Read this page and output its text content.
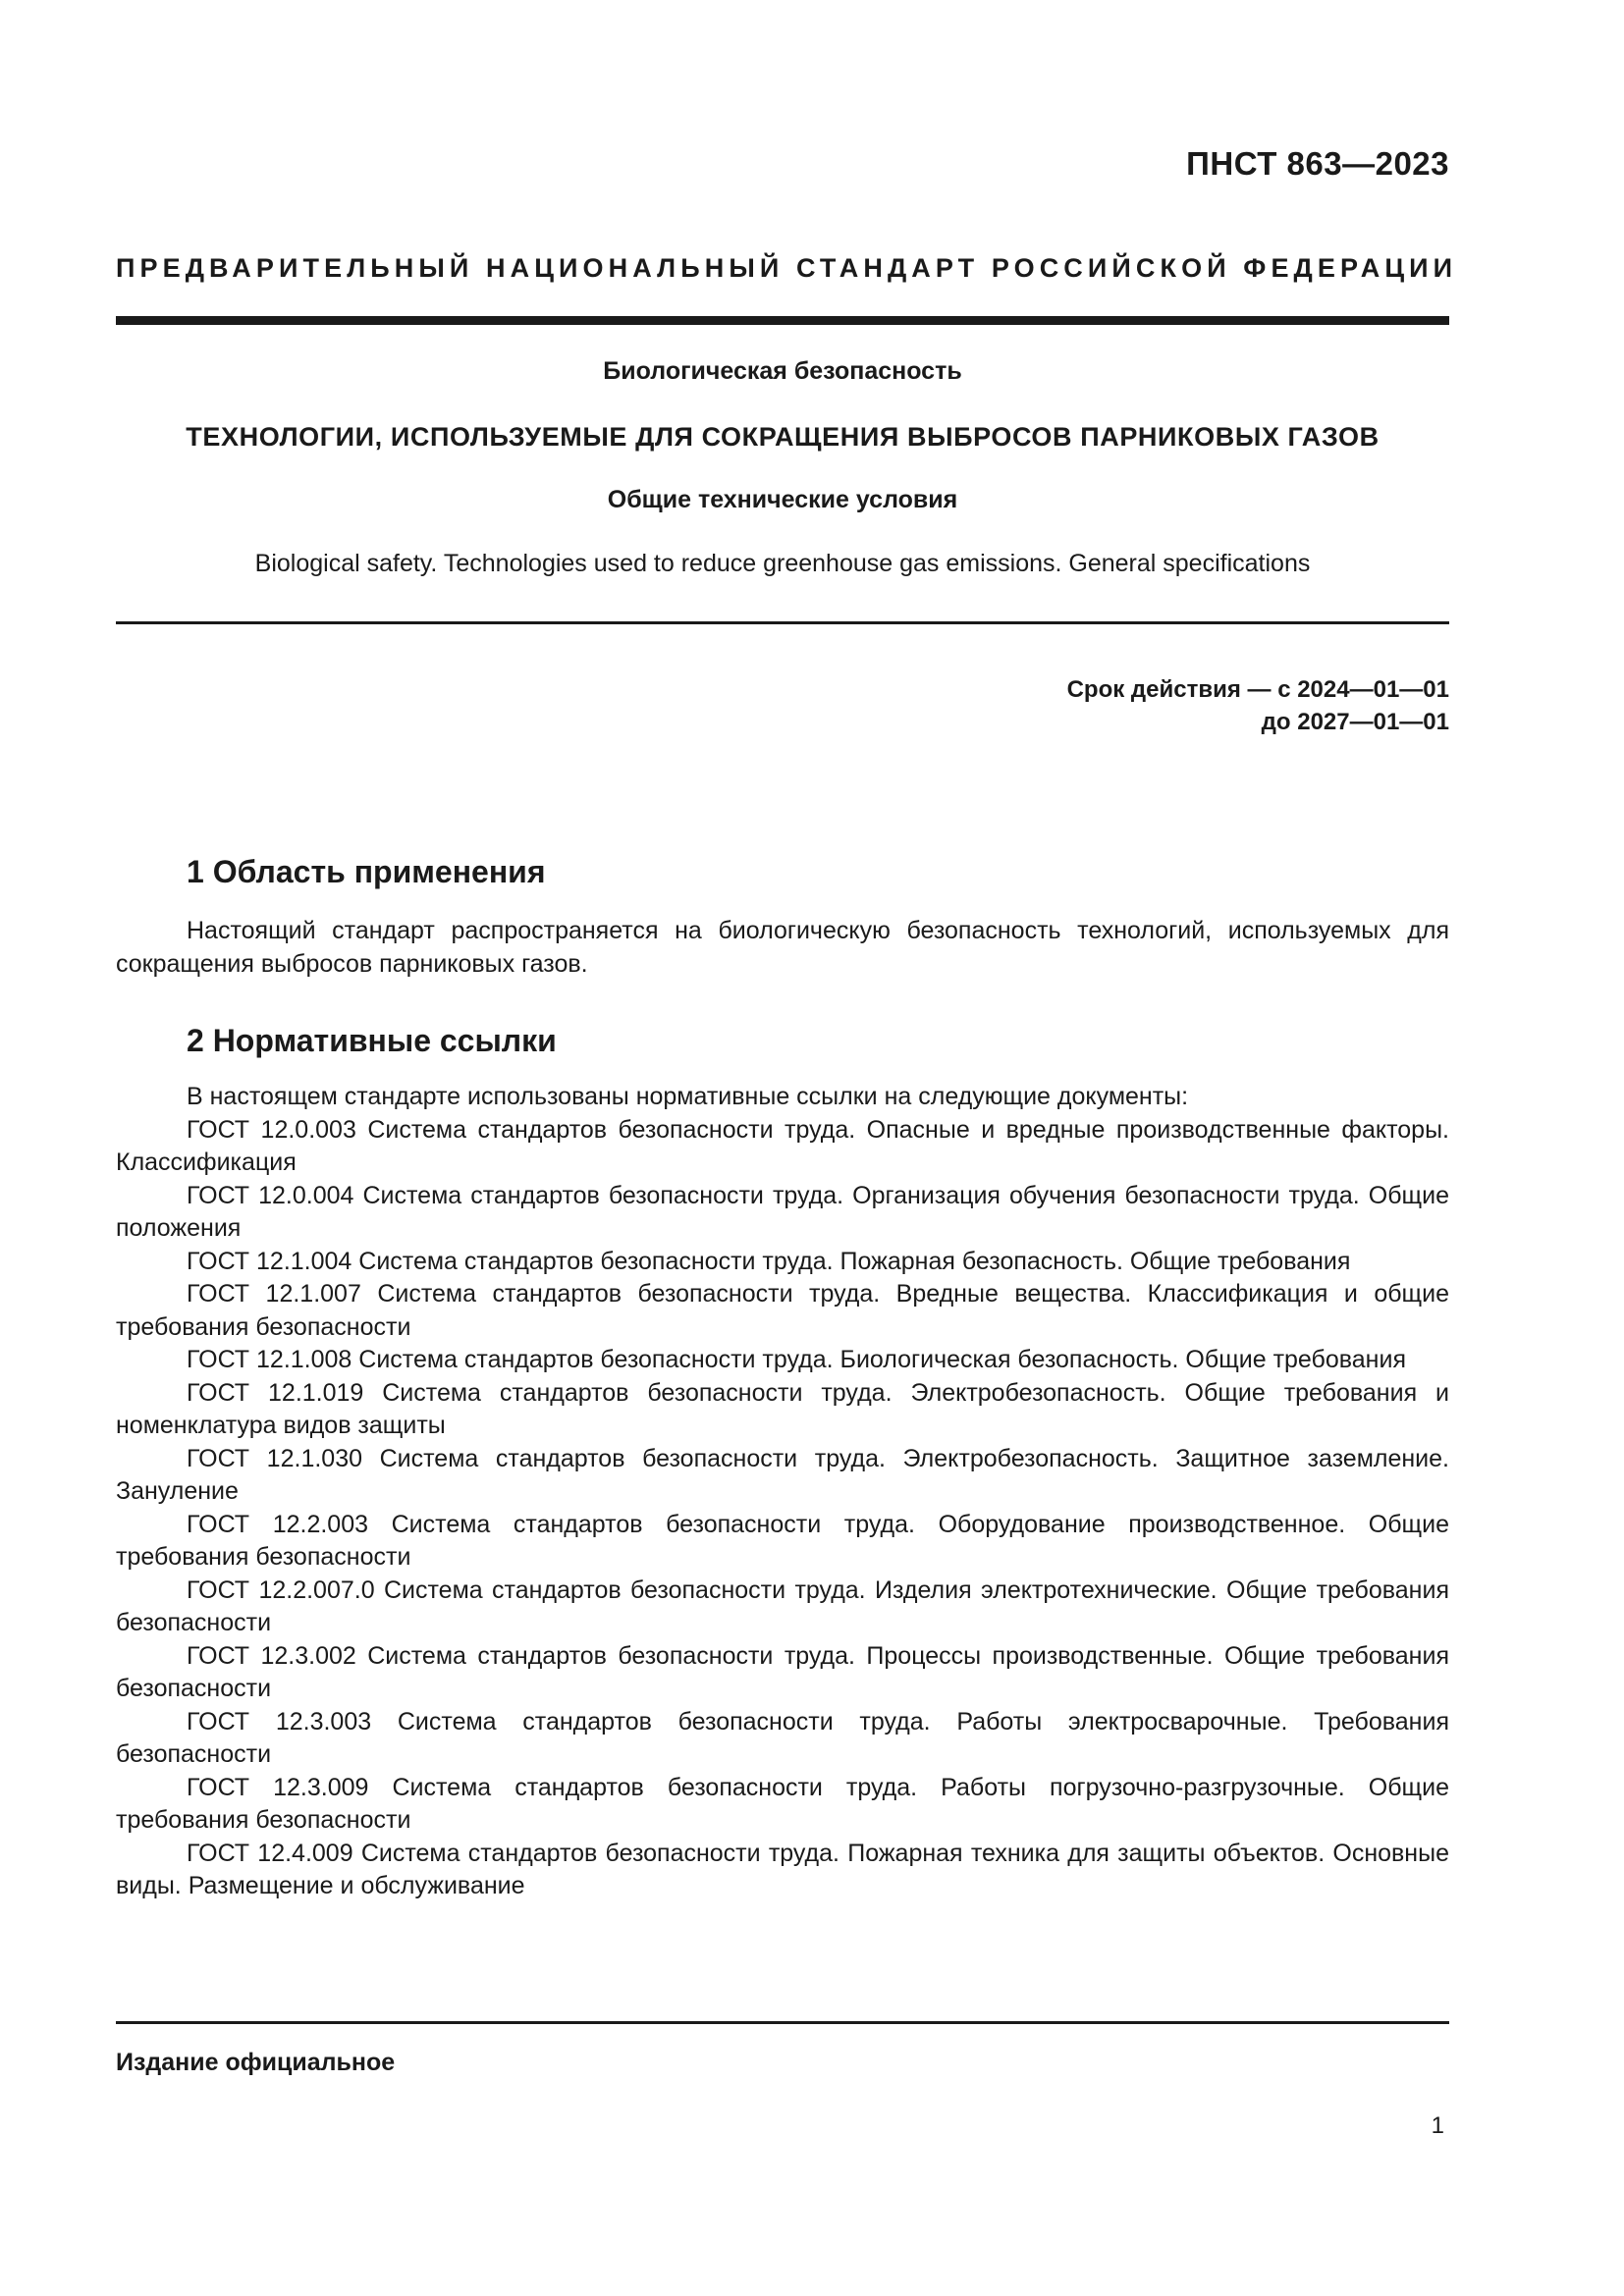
ПНСТ 863—2023
ПРЕДВАРИТЕЛЬНЫЙ НАЦИОНАЛЬНЫЙ СТАНДАРТ РОССИЙСКОЙ ФЕДЕРАЦИИ
Биологическая безопасность
ТЕХНОЛОГИИ, ИСПОЛЬЗУЕМЫЕ ДЛЯ СОКРАЩЕНИЯ ВЫБРОСОВ ПАРНИКОВЫХ ГАЗОВ
Общие технические условия
Biological safety. Technologies used to reduce greenhouse gas emissions. General specifications
Срок действия — с 2024—01—01
до 2027—01—01
1 Область применения
Настоящий стандарт распространяется на биологическую безопасность технологий, используемых для сокращения выбросов парниковых газов.
2 Нормативные ссылки
В настоящем стандарте использованы нормативные ссылки на следующие документы:
ГОСТ 12.0.003 Система стандартов безопасности труда. Опасные и вредные производственные факторы. Классификация
ГОСТ 12.0.004 Система стандартов безопасности труда. Организация обучения безопасности труда. Общие положения
ГОСТ 12.1.004 Система стандартов безопасности труда. Пожарная безопасность. Общие требования
ГОСТ 12.1.007 Система стандартов безопасности труда. Вредные вещества. Классификация и общие требования безопасности
ГОСТ 12.1.008 Система стандартов безопасности труда. Биологическая безопасность. Общие требования
ГОСТ 12.1.019 Система стандартов безопасности труда. Электробезопасность. Общие требования и номенклатура видов защиты
ГОСТ 12.1.030 Система стандартов безопасности труда. Электробезопасность. Защитное заземление. Зануление
ГОСТ 12.2.003 Система стандартов безопасности труда. Оборудование производственное. Общие требования безопасности
ГОСТ 12.2.007.0 Система стандартов безопасности труда. Изделия электротехнические. Общие требования безопасности
ГОСТ 12.3.002 Система стандартов безопасности труда. Процессы производственные. Общие требования безопасности
ГОСТ 12.3.003 Система стандартов безопасности труда. Работы электросварочные. Требования безопасности
ГОСТ 12.3.009 Система стандартов безопасности труда. Работы погрузочно-разгрузочные. Общие требования безопасности
ГОСТ 12.4.009 Система стандартов безопасности труда. Пожарная техника для защиты объектов. Основные виды. Размещение и обслуживание
Издание официальное
1
